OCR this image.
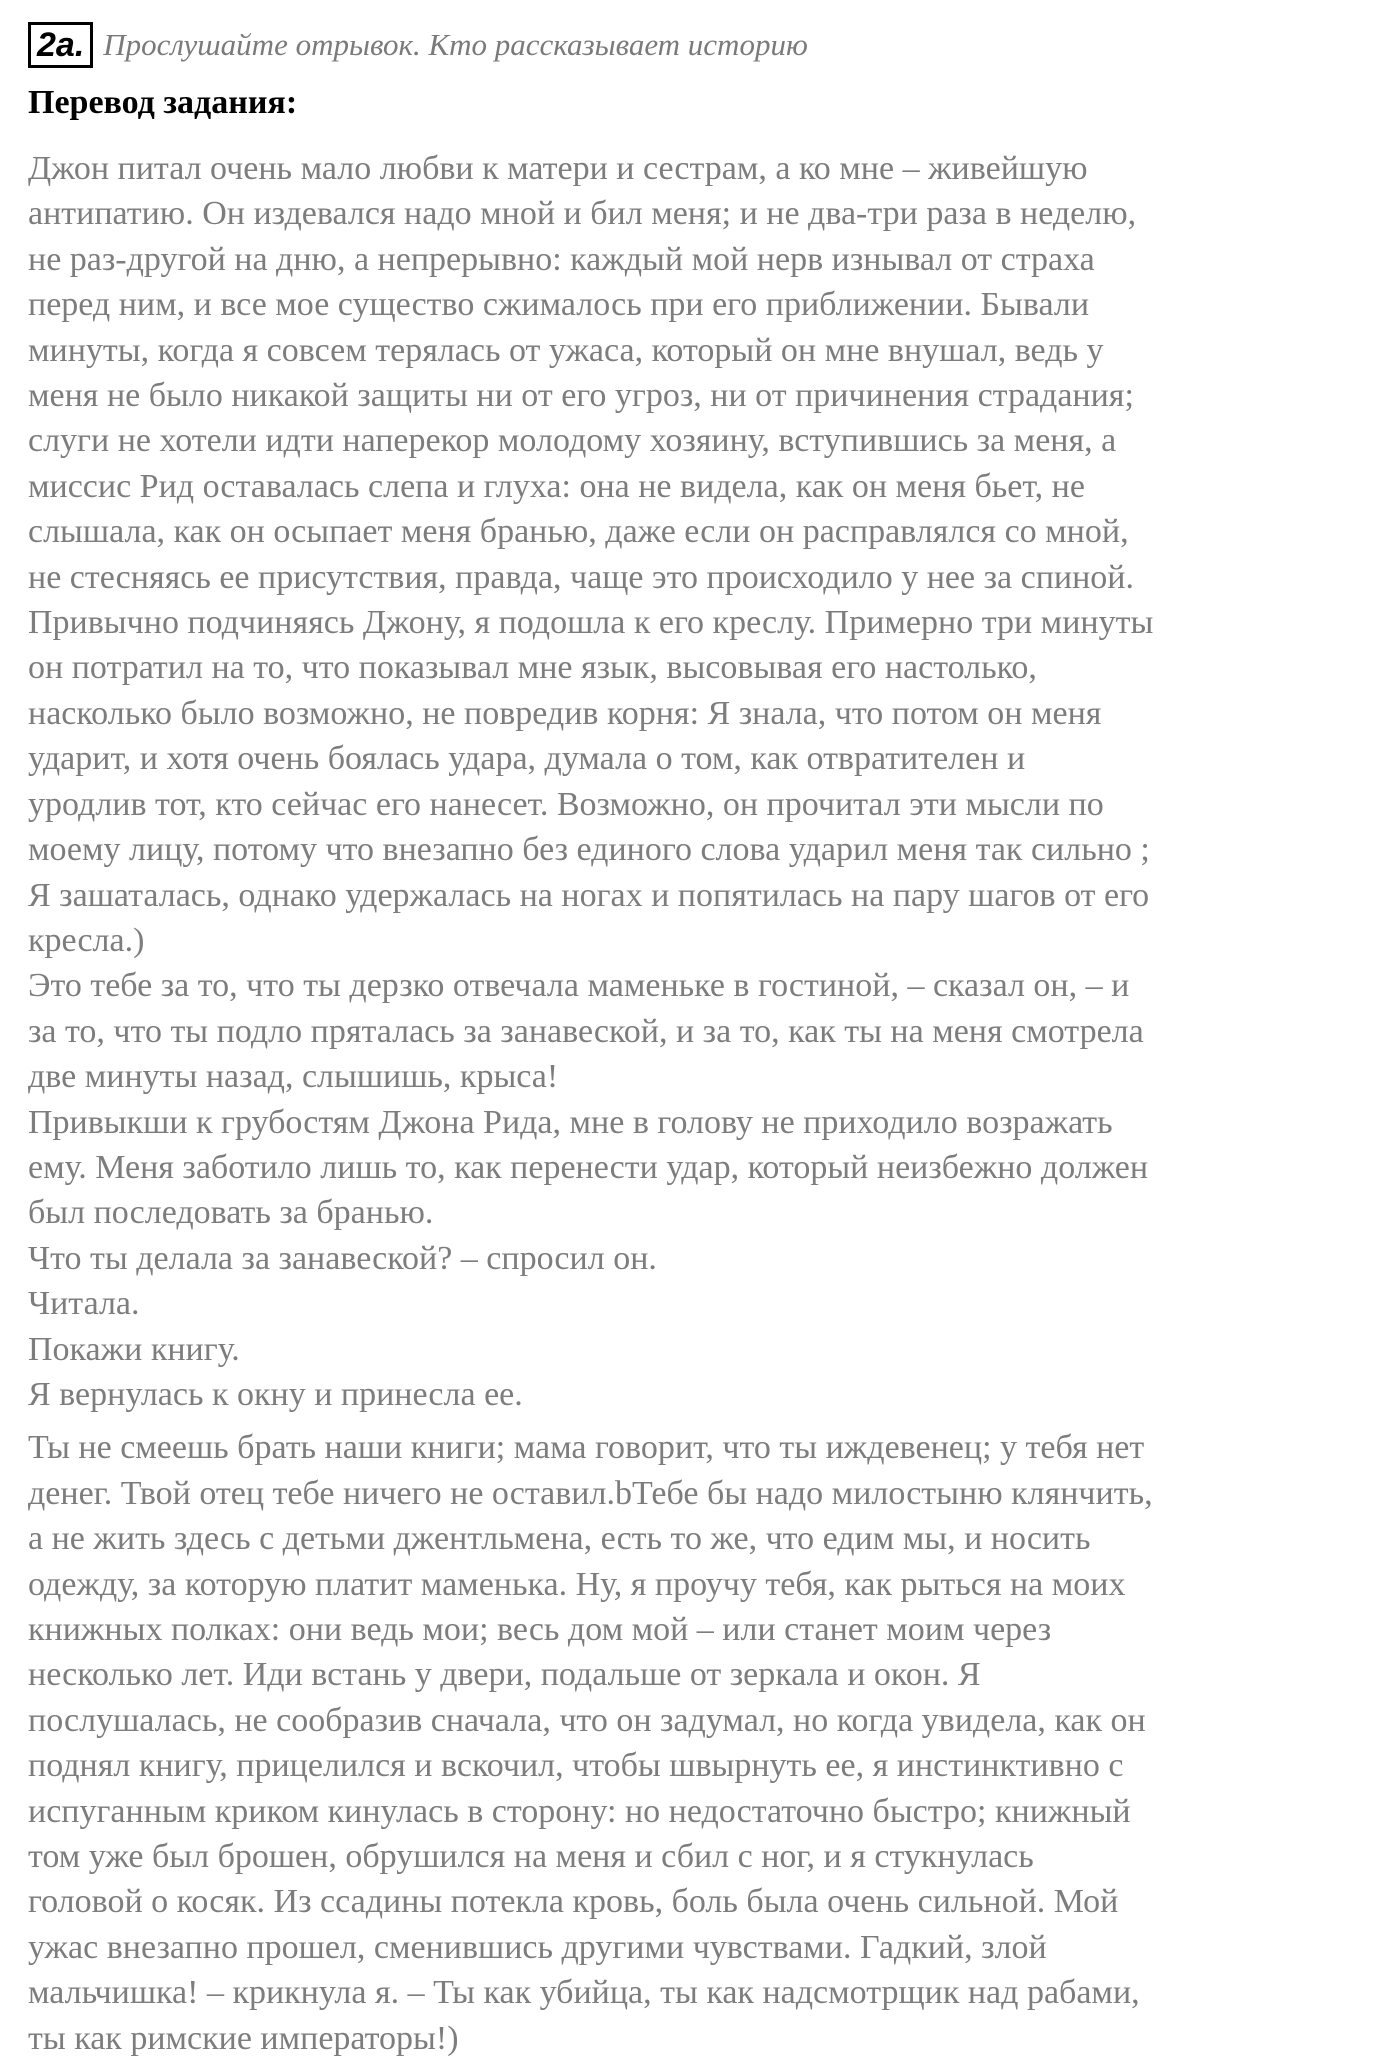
2a. Прослушайте отрывок. Кто рассказывает историю
Перевод задания:
Джон питал очень мало любви к матери и сестрам, а ко мне – живейшую
антипатию. Он издевался надо мной и бил меня; и не два-три раза в неделю,
не раз-другой на дню, а непрерывно: каждый мой нерв изнывал от страха
перед ним, и все мое существо сжималось при его приближении. Бывали
минуты, когда я совсем терялась от ужаса, который он мне внушал, ведь у
меня не было никакой защиты ни от его угроз, ни от причинения страдания;
слуги не хотели идти наперекор молодому хозяину, вступившись за меня, а
миссис Рид оставалась слепа и глуха: она не видела, как он меня бьет, не
слышала, как он осыпает меня бранью, даже если он расправлялся со мной,
не стесняясь ее присутствия, правда, чаще это происходило у нее за спиной.
Привычно подчиняясь Джону, я подошла к его креслу. Примерно три минуты
он потратил на то, что показывал мне язык, высовывая его настолько,
насколько было возможно, не повредив корня: Я знала, что потом он меня
ударит, и хотя очень боялась удара, думала о том, как отвратителен и
уродлив тот, кто сейчас его нанесет. Возможно, он прочитал эти мысли по
моему лицу, потому что внезапно без единого слова ударил меня так сильно ;
Я зашаталась, однако удержалась на ногах и попятилась на пару шагов от его
кресла.)
Это тебе за то, что ты дерзко отвечала маменьке в гостиной, – сказал он, – и
за то, что ты подло пряталась за занавеской, и за то, как ты на меня смотрела
две минуты назад, слышишь, крыса!
Привыкши к грубостям Джона Рида, мне в голову не приходило возражать
ему. Меня заботило лишь то, как перенести удар, который неизбежно должен
был последовать за бранью.
Что ты делала за занавеской? – спросил он.
Читала.
Покажи книгу.
Я вернулась к окну и принесла ее.
Ты не смеешь брать наши книги; мама говорит, что ты иждевенец; у тебя нет
денег. Твой отец тебе ничего не оставил.bТебе бы надо милостыню клянчить,
а не жить здесь с детьми джентльмена, есть то же, что едим мы, и носить
одежду, за которую платит маменька. Ну, я проучу тебя, как рыться на моих
книжных полках: они ведь мои; весь дом мой – или станет моим через
несколько лет. Иди встань у двери, подальше от зеркала и окон. Я
послушалась, не сообразив сначала, что он задумал, но когда увидела, как он
поднял книгу, прицелился и вскочил, чтобы швырнуть ее, я инстинктивно с
испуганным криком кинулась в сторону: но недостаточно быстро; книжный
том уже был брошен, обрушился на меня и сбил с ног, и я стукнулась
головой о косяк. Из ссадины потекла кровь, боль была очень сильной. Мой
ужас внезапно прошел, сменившись другими чувствами. Гадкий, злой
мальчишка! – крикнула я. – Ты как убийца, ты как надсмотрщик над рабами,
ты как римские императоры!)
